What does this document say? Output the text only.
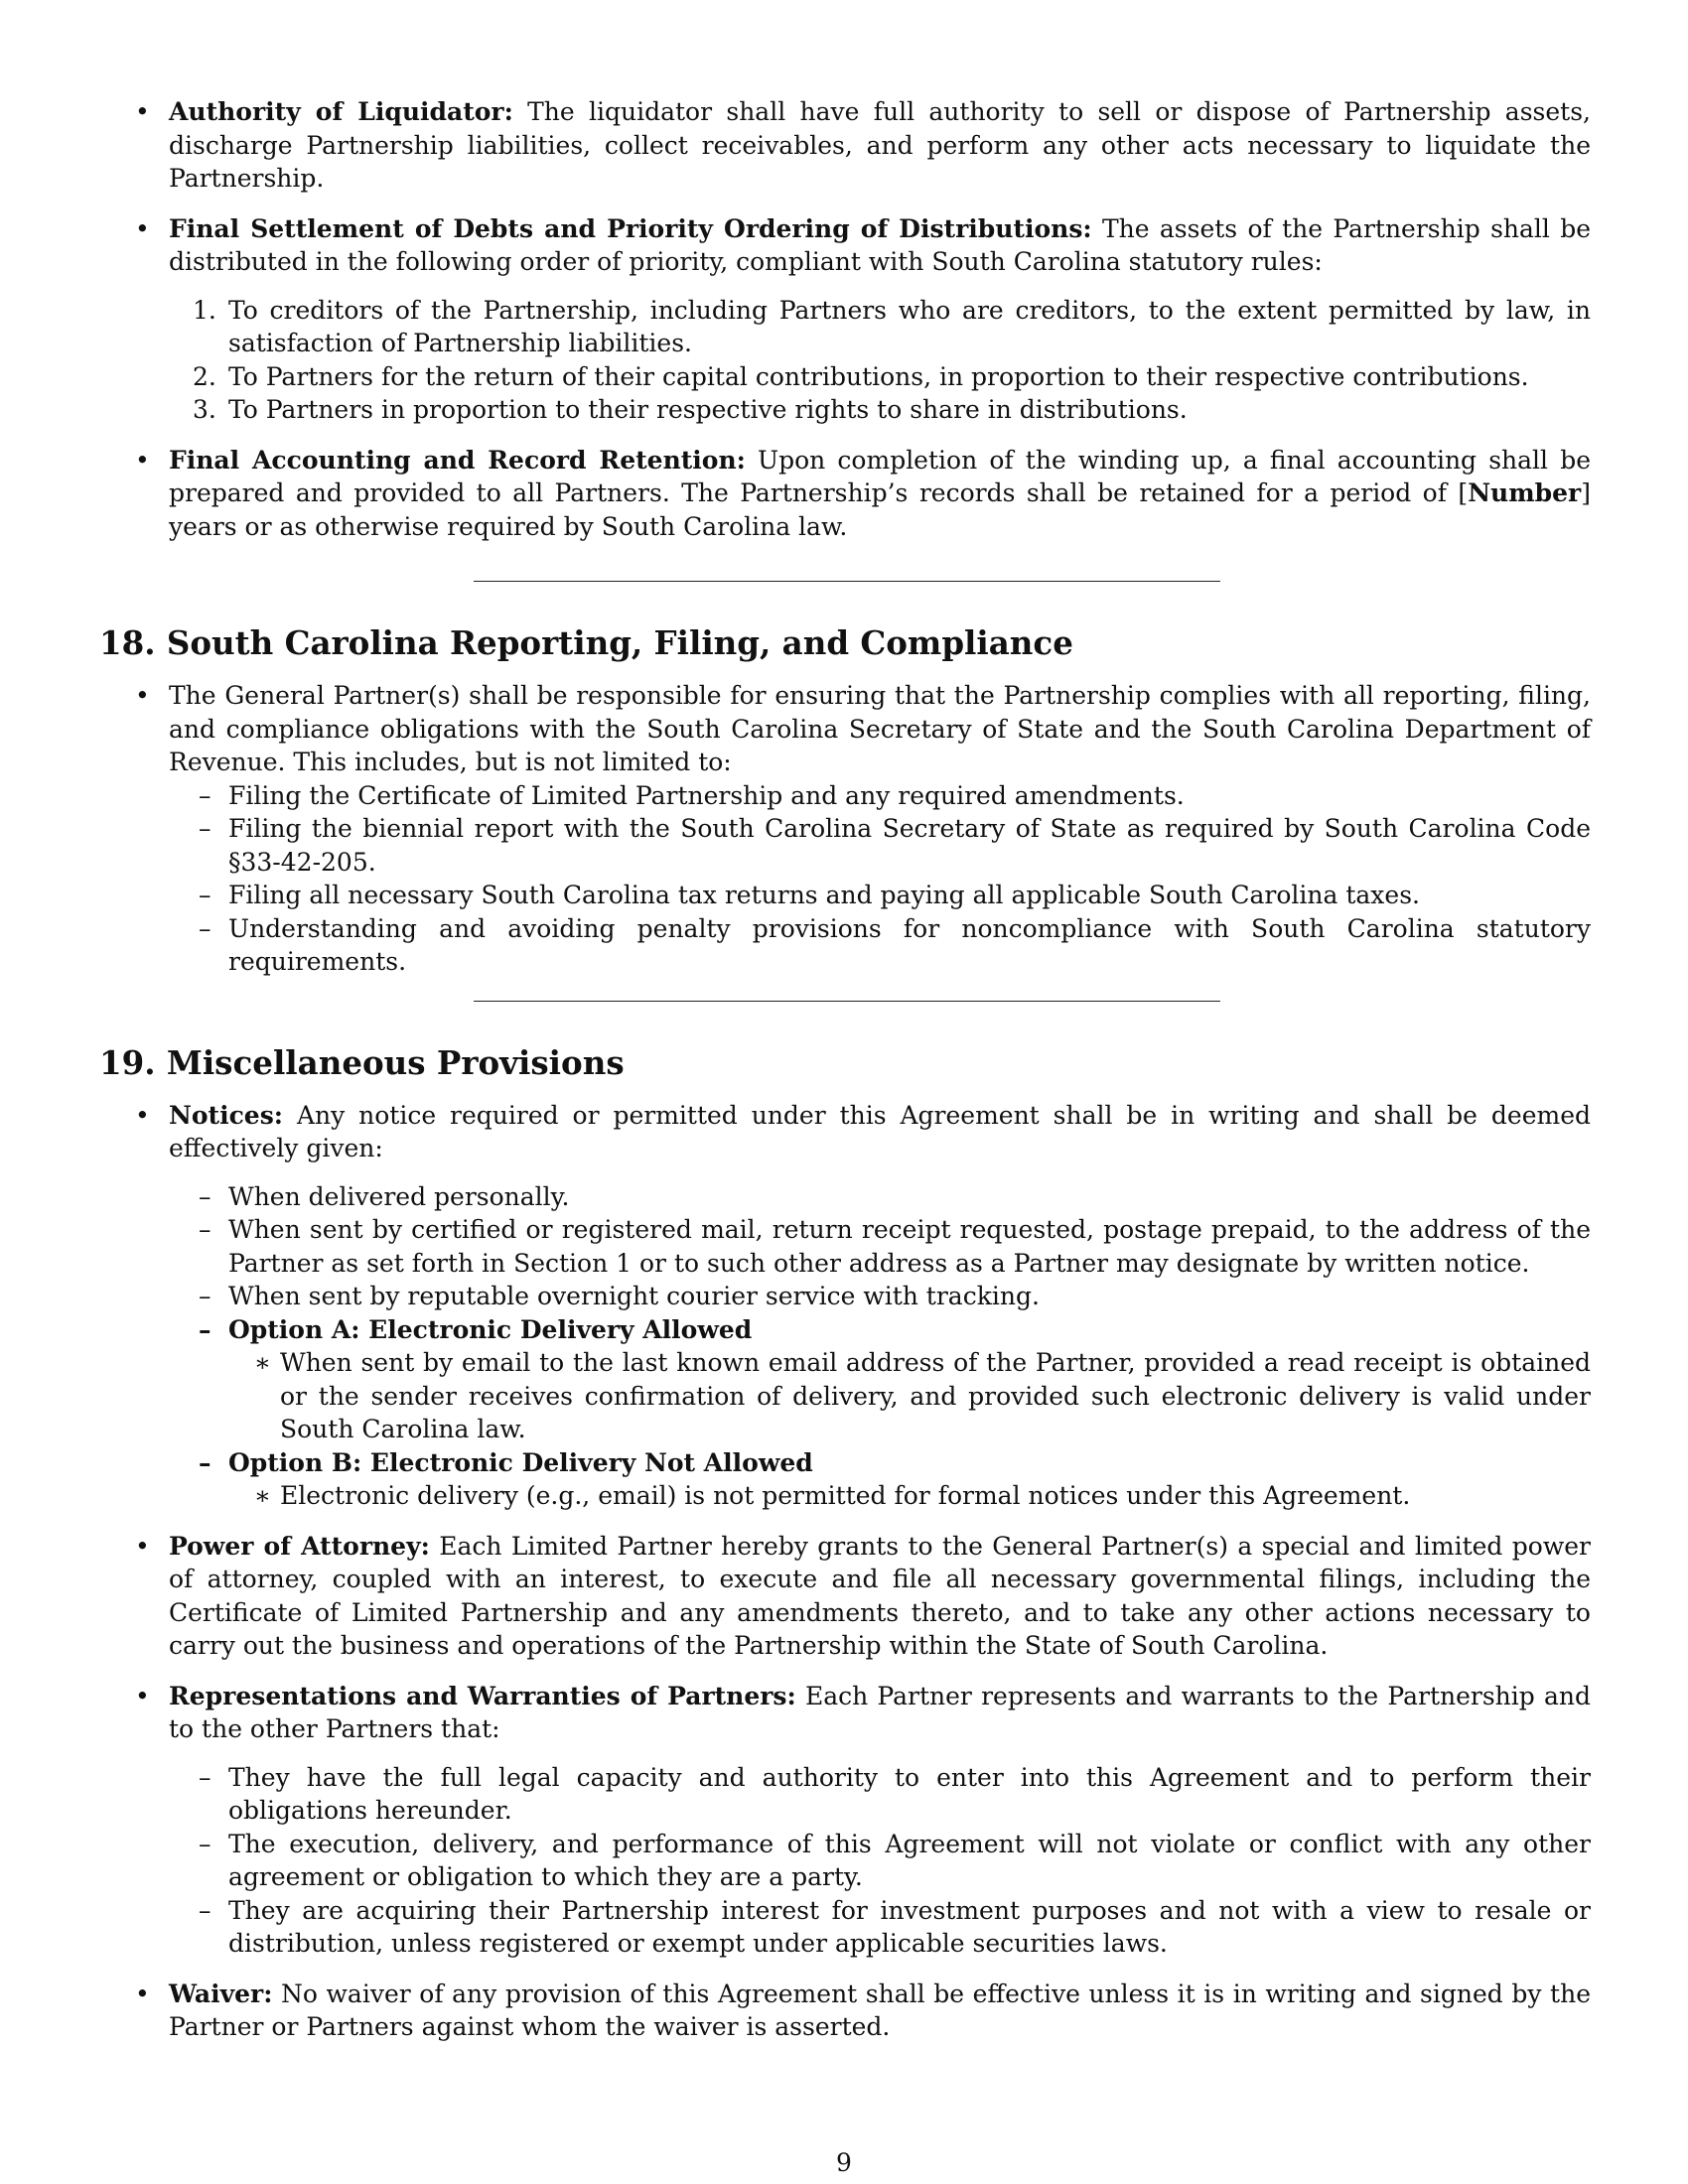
• Authority of Liquidator: The liquidator shall have full authority to sell or dispose of Partnership assets, discharge Partnership liabilities, collect receivables, and perform any other acts necessary to liquidate the Partnership.
• Final Settlement of Debts and Priority Ordering of Distributions: The assets of the Partnership shall be distributed in the following order of priority, compliant with South Carolina statutory rules:
1. To creditors of the Partnership, including Partners who are creditors, to the extent permitted by law, in satisfaction of Partnership liabilities.
2. To Partners for the return of their capital contributions, in proportion to their respective contributions.
3. To Partners in proportion to their respective rights to share in distributions.
• Final Accounting and Record Retention: Upon completion of the winding up, a final accounting shall be prepared and provided to all Partners. The Partnership’s records shall be retained for a period of [Number] years or as otherwise required by South Carolina law.
18. South Carolina Reporting, Filing, and Compliance
• The General Partner(s) shall be responsible for ensuring that the Partnership complies with all reporting, filing, and compliance obligations with the South Carolina Secretary of State and the South Carolina Department of Revenue. This includes, but is not limited to:
– Filing the Certificate of Limited Partnership and any required amendments.
– Filing the biennial report with the South Carolina Secretary of State as required by South Carolina Code §33-42-205.
– Filing all necessary South Carolina tax returns and paying all applicable South Carolina taxes.
– Understanding and avoiding penalty provisions for noncompliance with South Carolina statutory requirements.
19. Miscellaneous Provisions
• Notices: Any notice required or permitted under this Agreement shall be in writing and shall be deemed effectively given:
– When delivered personally.
– When sent by certified or registered mail, return receipt requested, postage prepaid, to the address of the Partner as set forth in Section 1 or to such other address as a Partner may designate by written notice.
– When sent by reputable overnight courier service with tracking.
– Option A: Electronic Delivery Allowed
∗ When sent by email to the last known email address of the Partner, provided a read receipt is obtained or the sender receives confirmation of delivery, and provided such electronic delivery is valid under South Carolina law.
– Option B: Electronic Delivery Not Allowed
∗ Electronic delivery (e.g., email) is not permitted for formal notices under this Agreement.
• Power of Attorney: Each Limited Partner hereby grants to the General Partner(s) a special and limited power of attorney, coupled with an interest, to execute and file all necessary governmental filings, including the Certificate of Limited Partnership and any amendments thereto, and to take any other actions necessary to carry out the business and operations of the Partnership within the State of South Carolina.
• Representations and Warranties of Partners: Each Partner represents and warrants to the Partnership and to the other Partners that:
– They have the full legal capacity and authority to enter into this Agreement and to perform their obligations hereunder.
– The execution, delivery, and performance of this Agreement will not violate or conflict with any other agreement or obligation to which they are a party.
– They are acquiring their Partnership interest for investment purposes and not with a view to resale or distribution, unless registered or exempt under applicable securities laws.
• Waiver: No waiver of any provision of this Agreement shall be effective unless it is in writing and signed by the Partner or Partners against whom the waiver is asserted.
9
